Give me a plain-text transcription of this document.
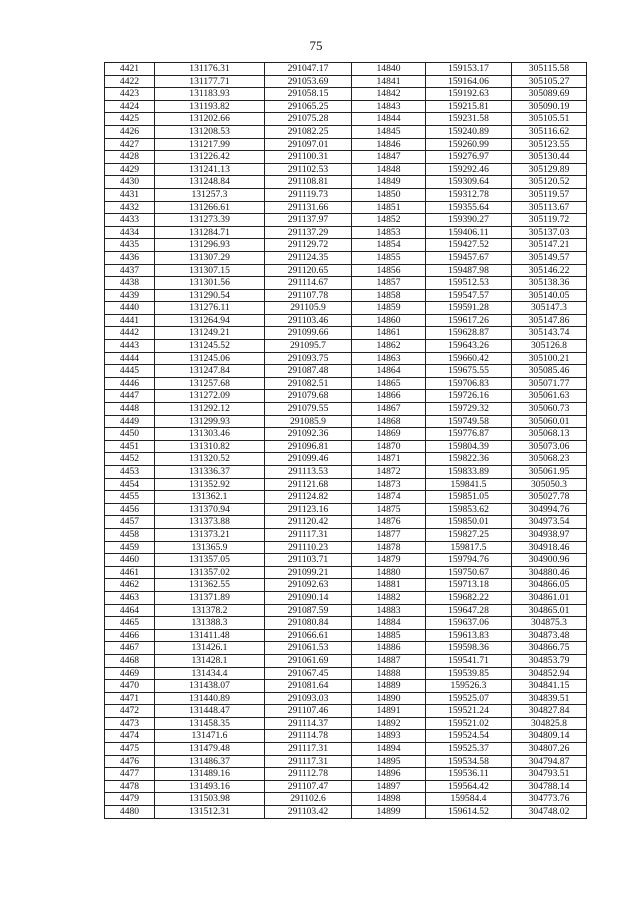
75
4421	131176.31	291047.17	14840	159153.17	305115.58
4422	131177.71	291053.69	14841	159164.06	305105.27
4423	131183.93	291058.15	14842	159192.63	305089.69
4424	131193.82	291065.25	14843	159215.81	305090.19
4425	131202.66	291075.28	14844	159231.58	305105.51
4426	131208.53	291082.25	14845	159240.89	305116.62
4427	131217.99	291097.01	14846	159260.99	305123.55
4428	131226.42	291100.31	14847	159276.97	305130.44
4429	131241.13	291102.53	14848	159292.46	305129.89
4430	131248.84	291108.81	14849	159309.64	305120.52
4431	131257.3	291119.73	14850	159312.78	305119.57
4432	131266.61	291131.66	14851	159355.64	305113.67
4433	131273.39	291137.97	14852	159390.27	305119.72
4434	131284.71	291137.29	14853	159406.11	305137.03
4435	131296.93	291129.72	14854	159427.52	305147.21
4436	131307.29	291124.35	14855	159457.67	305149.57
4437	131307.15	291120.65	14856	159487.98	305146.22
4438	131301.56	291114.67	14857	159512.53	305138.36
4439	131290.54	291107.78	14858	159547.57	305140.05
4440	131276.11	291105.9	14859	159591.28	305147.3
4441	131264.94	291103.46	14860	159617.26	305147.86
4442	131249.21	291099.66	14861	159628.87	305143.74
4443	131245.52	291095.7	14862	159643.26	305126.8
4444	131245.06	291093.75	14863	159660.42	305100.21
4445	131247.84	291087.48	14864	159675.55	305085.46
4446	131257.68	291082.51	14865	159706.83	305071.77
4447	131272.09	291079.68	14866	159726.16	305061.63
4448	131292.12	291079.55	14867	159729.32	305060.73
4449	131299.93	291085.9	14868	159749.58	305060.01
4450	131303.46	291092.36	14869	159776.87	305068.13
4451	131310.82	291096.81	14870	159804.39	305073.06
4452	131320.52	291099.46	14871	159822.36	305068.23
4453	131336.37	291113.53	14872	159833.89	305061.95
4454	131352.92	291121.68	14873	159841.5	305050.3
4455	131362.1	291124.82	14874	159851.05	305027.78
4456	131370.94	291123.16	14875	159853.62	304994.76
4457	131373.88	291120.42	14876	159850.01	304973.54
4458	131373.21	291117.31	14877	159827.25	304938.97
4459	131365.9	291110.23	14878	159817.5	304918.46
4460	131357.05	291103.71	14879	159794.76	304900.96
4461	131357.02	291099.21	14880	159750.67	304880.46
4462	131362.55	291092.63	14881	159713.18	304866.05
4463	131371.89	291090.14	14882	159682.22	304861.01
4464	131378.2	291087.59	14883	159647.28	304865.01
4465	131388.3	291080.84	14884	159637.06	304875.3
4466	131411.48	291066.61	14885	159613.83	304873.48
4467	131426.1	291061.53	14886	159598.36	304866.75
4468	131428.1	291061.69	14887	159541.71	304853.79
4469	131434.4	291067.45	14888	159539.85	304852.94
4470	131438.07	291081.64	14889	159526.3	304841.15
4471	131440.89	291093.03	14890	159525.07	304839.51
4472	131448.47	291107.46	14891	159521.24	304827.84
4473	131458.35	291114.37	14892	159521.02	304825.8
4474	131471.6	291114.78	14893	159524.54	304809.14
4475	131479.48	291117.31	14894	159525.37	304807.26
4476	131486.37	291117.31	14895	159534.58	304794.87
4477	131489.16	291112.78	14896	159536.11	304793.51
4478	131493.16	291107.47	14897	159564.42	304788.14
4479	131503.98	291102.6	14898	159584.4	304773.76
4480	131512.31	291103.42	14899	159614.52	304748.02
